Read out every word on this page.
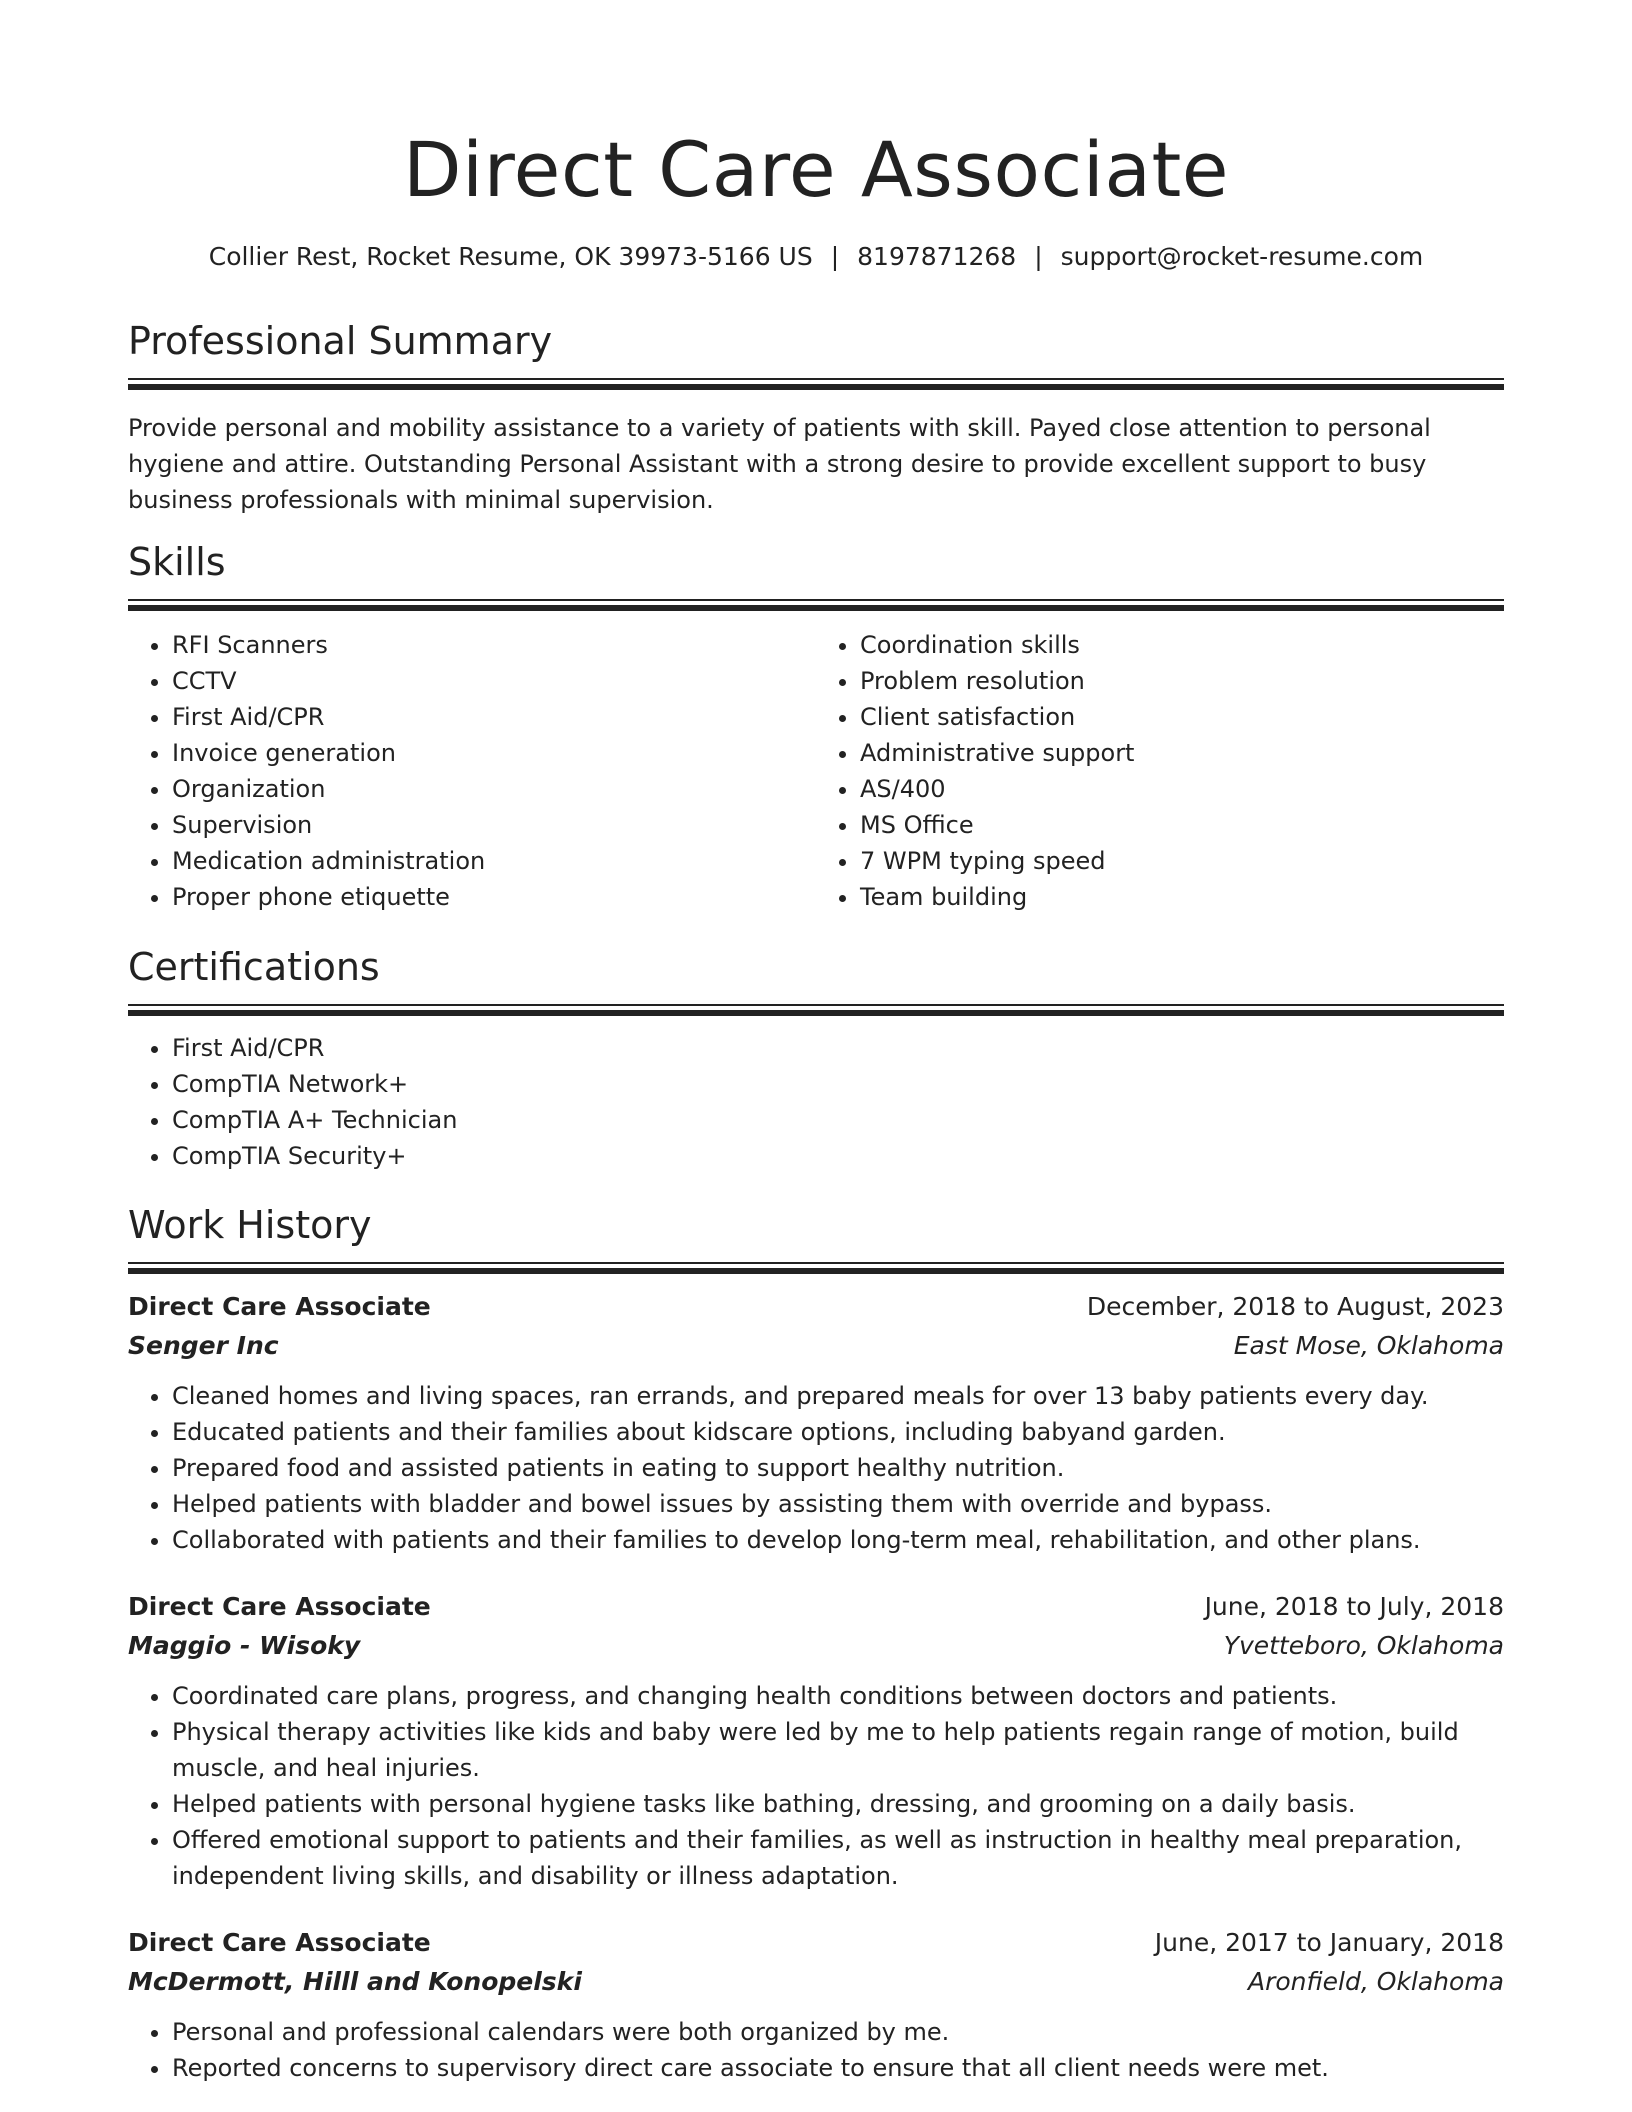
Direct Care Associate
Collier Rest, Rocket Resume, OK 39973-5166 US | 8197871268 | support@rocket-resume.com
Professional Summary

Provide personal and mobility assistance to a variety of patients with skill. Payed close attention to personal hygiene and attire. Outstanding Personal Assistant with a strong desire to provide excellent support to busy business professionals with minimal supervision.

Skills
• RFI Scanners
• CCTV
• First Aid/CPR
• Invoice generation
• Organization
• Supervision
• Medication administration
• Proper phone etiquette
• Coordination skills
• Problem resolution
• Client satisfaction
• Administrative support
• AS/400
• MS Office
• 7 WPM typing speed
• Team building
Certifications
• First Aid/CPR
• CompTIA Network+
• CompTIA A+ Technician
• CompTIA Security+
Work History
Direct Care Associate	December, 2018 to August, 2023
Senger Inc	East Mose, Oklahoma
• Cleaned homes and living spaces, ran errands, and prepared meals for over 13 baby patients every day.
• Educated patients and their families about kidscare options, including babyand garden.
• Prepared food and assisted patients in eating to support healthy nutrition.
• Helped patients with bladder and bowel issues by assisting them with override and bypass.
• Collaborated with patients and their families to develop long-term meal, rehabilitation, and other plans.
Direct Care Associate	June, 2018 to July, 2018
Maggio - Wisoky	Yvetteboro, Oklahoma
• Coordinated care plans, progress, and changing health conditions between doctors and patients.
• Physical therapy activities like kids and baby were led by me to help patients regain range of motion, build muscle, and heal injuries.
• Helped patients with personal hygiene tasks like bathing, dressing, and grooming on a daily basis.
• Offered emotional support to patients and their families, as well as instruction in healthy meal preparation, independent living skills, and disability or illness adaptation.
Direct Care Associate	June, 2017 to January, 2018
McDermott, Hilll and Konopelski	Aronfield, Oklahoma
• Personal and professional calendars were both organized by me.
• Reported concerns to supervisory direct care associate to ensure that all client needs were met.
